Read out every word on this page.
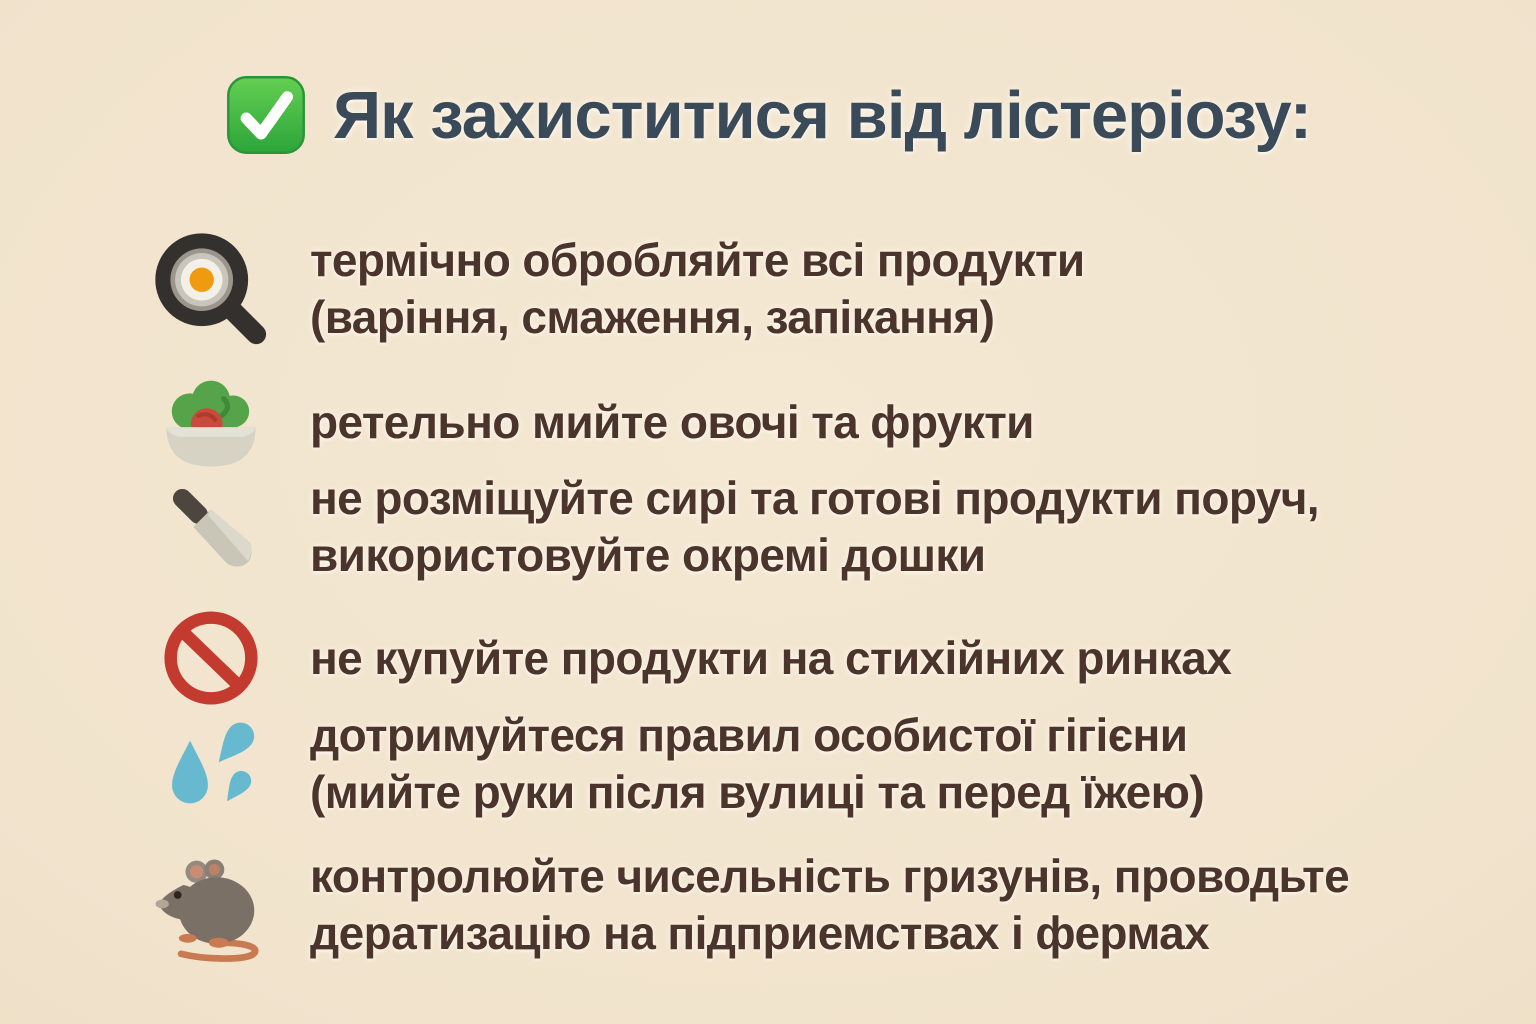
Як захиститися від лістеріозу:
термічно обробляйте всі продукти
(варіння, смаження, запікання)
ретельно мийте овочі та фрукти
не розміщуйте сирі та готові продукти поруч,
використовуйте окремі дошки
не купуйте продукти на стихійних ринках
дотримуйтеся правил особистої гігієни
(мийте руки після вулиці та перед їжею)
контролюйте чисельність гризунів, проводьте
дератизацію на підприемствах і фермах
